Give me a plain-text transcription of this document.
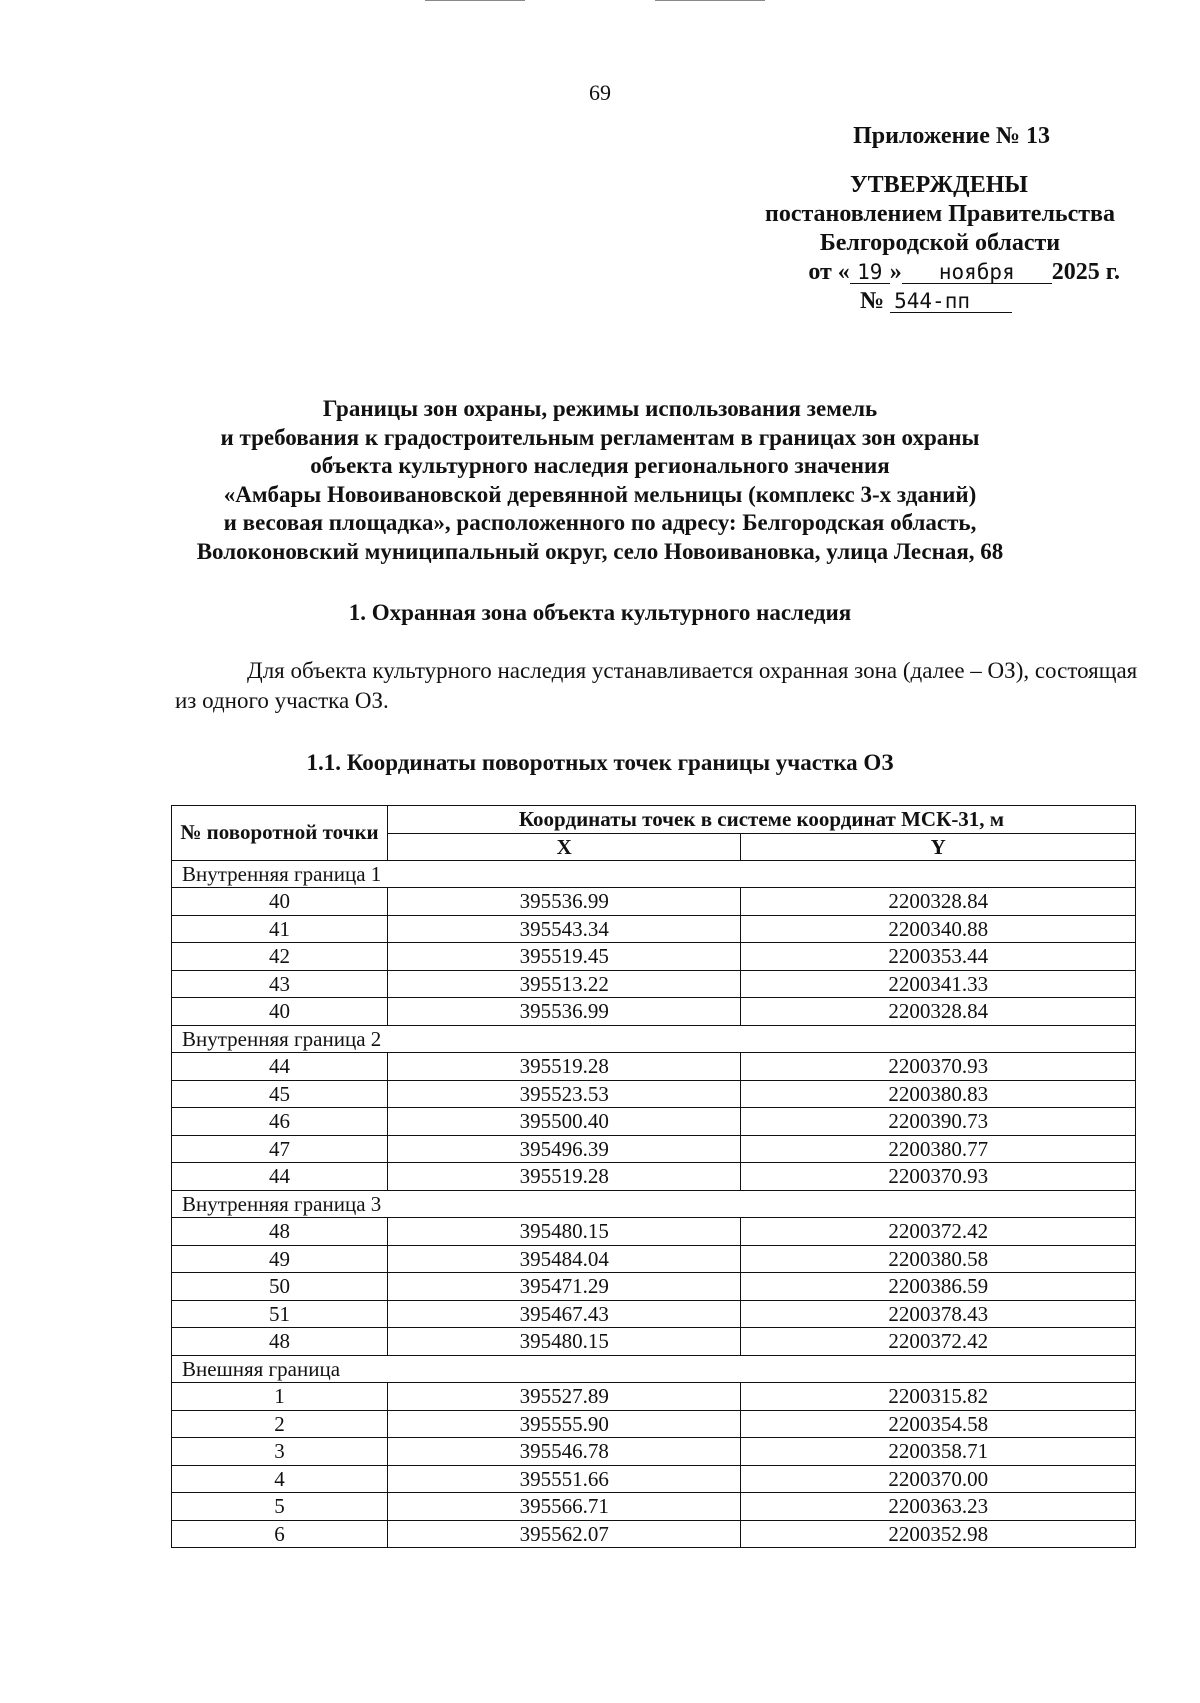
69
Приложение № 13
УТВЕРЖДЕНЫ
постановлением Правительства
Белгородской области
от « 19 » ноября 2025 г.
№ 544-пп
Границы зон охраны, режимы использования земель
и требования к градостроительным регламентам в границах зон охраны
объекта культурного наследия регионального значения
«Амбары Новоивановской деревянной мельницы (комплекс 3-х зданий)
и весовая площадка», расположенного по адресу: Белгородская область,
Волоконовский муниципальный округ, село Новоивановка, улица Лесная, 68
1. Охранная зона объекта культурного наследия
Для объекта культурного наследия устанавливается охранная зона (далее – ОЗ), состоящая из одного участка ОЗ.
1.1. Координаты поворотных точек границы участка ОЗ
№ поворотной точки	Координаты точек в системе координат МСК-31, м	
	X	Y
Внутренняя граница 1		
40	395536.99	2200328.84
41	395543.34	2200340.88
42	395519.45	2200353.44
43	395513.22	2200341.33
40	395536.99	2200328.84
Внутренняя граница 2		
44	395519.28	2200370.93
45	395523.53	2200380.83
46	395500.40	2200390.73
47	395496.39	2200380.77
44	395519.28	2200370.93
Внутренняя граница 3		
48	395480.15	2200372.42
49	395484.04	2200380.58
50	395471.29	2200386.59
51	395467.43	2200378.43
48	395480.15	2200372.42
Внешняя граница		
1	395527.89	2200315.82
2	395555.90	2200354.58
3	395546.78	2200358.71
4	395551.66	2200370.00
5	395566.71	2200363.23
6	395562.07	2200352.98
